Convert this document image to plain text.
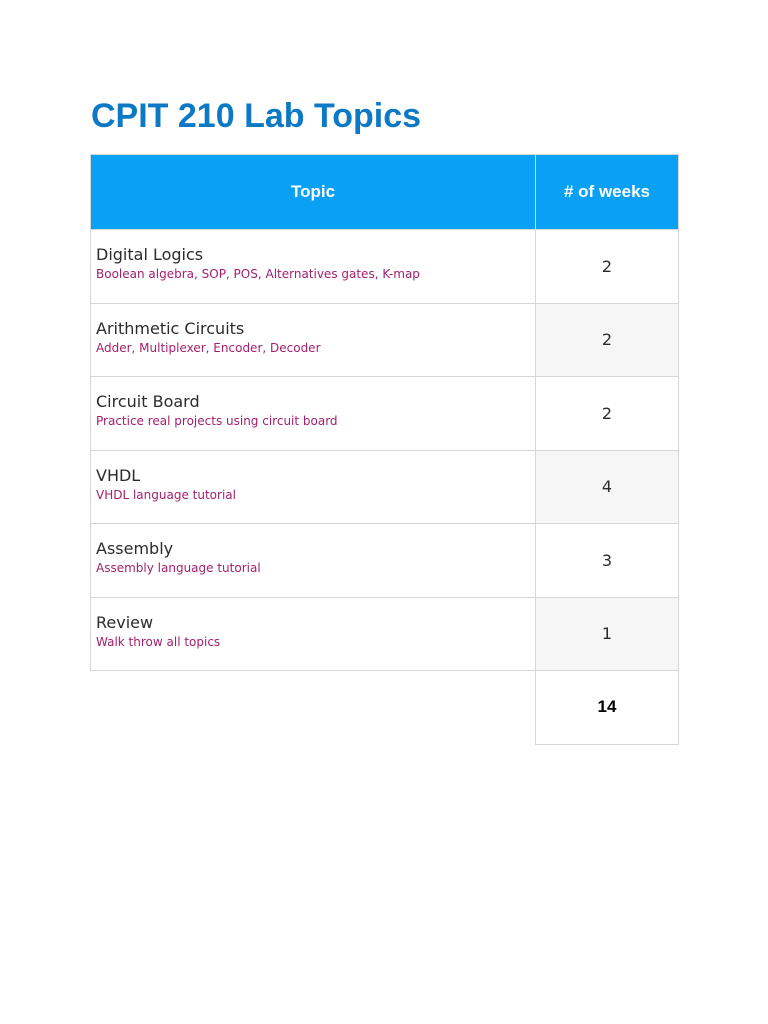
CPIT 210 Lab Topics
Topic	# of weeks

Digital Logics
Boolean algebra, SOP, POS, Alternatives gates, K-map	2

Arithmetic Circuits
Adder, Multiplexer, Encoder, Decoder	2

Circuit Board
Practice real projects using circuit board	2

VHDL
VHDL language tutorial	4

Assembly
Assembly language tutorial	3

Review
Walk throw all topics	1
	14
